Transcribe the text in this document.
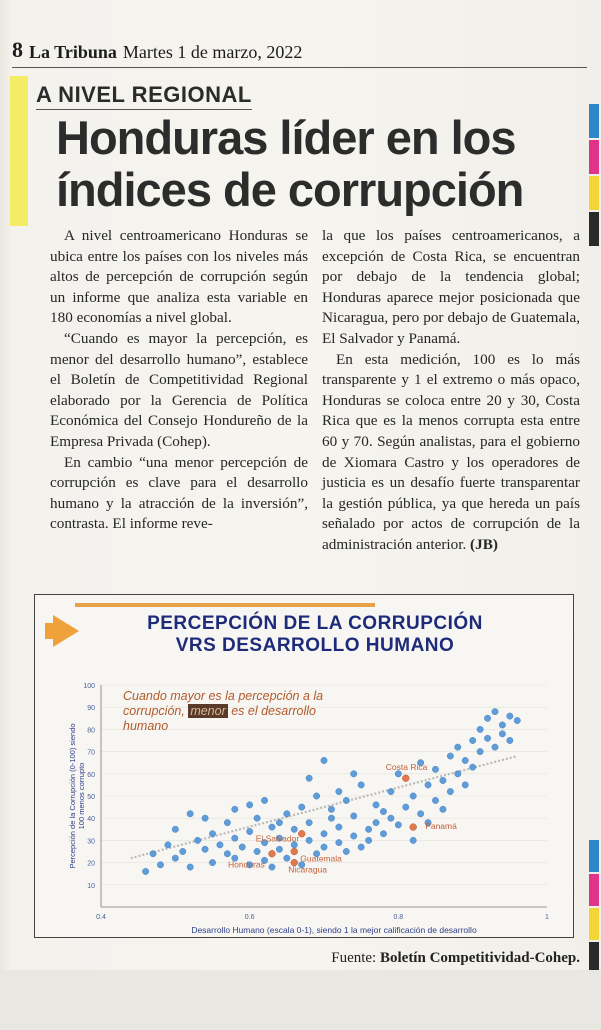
8 La Tribuna Martes 1 de marzo, 2022
A NIVEL REGIONAL
Honduras líder en los índices de corrupción

A nivel centroamericano Honduras se ubica entre los países con los niveles más altos de percepción de corrupción según un informe que analiza esta variable en 180 economías a nivel global.

“Cuando es mayor la percepción, es menor del desarrollo humano”, establece el Boletín de Competitividad Regional elaborado por la Gerencia de Política Económica del Consejo Hondureño de la Empresa Privada (Cohep).

En cambio “una menor percepción de corrupción es clave para el desarrollo humano y la atracción de la inversión”, contrasta. El informe reve-

la que los países centroamericanos, a excepción de Costa Rica, se encuentran por debajo de la tendencia global; Honduras aparece mejor posicionada que Nicaragua, pero por debajo de Guatemala, El Salvador y Panamá.

En esta medición, 100 es lo más transparente y 1 el extremo o más opaco, Honduras se coloca entre 20 y 30, Costa Rica que es la menos corrupta esta entre 60 y 70. Según analistas, para el gobierno de Xiomara Castro y los operadores de justicia es un desafío fuerte transparentar la gestión pública, ya que hereda un país señalado por actos de corrupción de la administración anterior. (JB)

PERCEPCIÓN DE LA CORRUPCIÓN
VRS DESARROLLO HUMANO
10
20
30
40
50
60
70
80
90
100
0.4	0.6	0.8	1
Desarrollo Humano (escala 0-1), siendo 1 la mejor calificación de desarrollo
Percepción de la Corrupción (0-100) siendo100 menos corrupto	Costa Rica
Panamá
El Salvador
Guatemala
Honduras	Nicaragua
Cuando mayor es la percepción a la corrupción, menor es el desarrollo humano
Fuente: Boletín Competitividad-Cohep.
